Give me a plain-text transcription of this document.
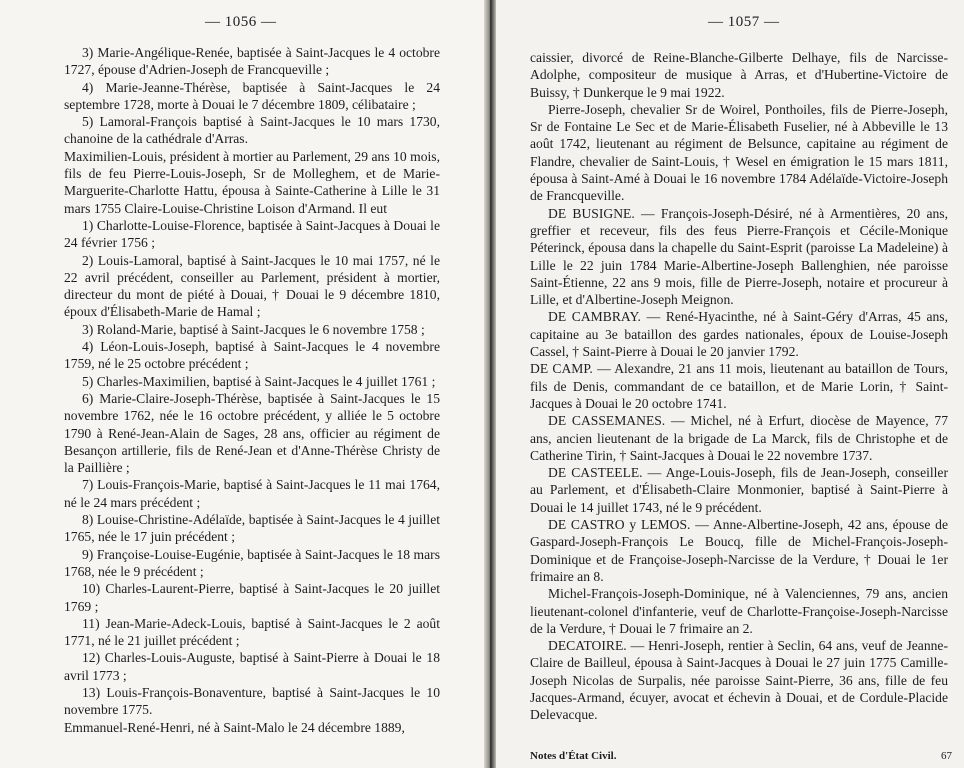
— 1056 —

3) Marie-Angélique-Renée, baptisée à Saint-Jacques le 4 octobre 1727, épouse d'Adrien-Joseph de Francqueville ;

4) Marie-Jeanne-Thérèse, baptisée à Saint-Jacques le 24 septembre 1728, morte à Douai le 7 décembre 1809, célibataire ;

5) Lamoral-François baptisé à Saint-Jacques le 10 mars 1730, chanoine de la cathédrale d'Arras.

Maximilien-Louis, président à mortier au Parlement, 29 ans 10 mois, fils de feu Pierre-Louis-Joseph, Sr de Molleghem, et de Marie-Marguerite-Charlotte Hattu, épousa à Sainte-Catherine à Lille le 31 mars 1755 Claire-Louise-Christine Loison d'Armand. Il eut

1) Charlotte-Louise-Florence, baptisée à Saint-Jacques à Douai le 24 février 1756 ;

2) Louis-Lamoral, baptisé à Saint-Jacques le 10 mai 1757, né le 22 avril précédent, conseiller au Parlement, président à mortier, directeur du mont de piété à Douai, † Douai le 9 décembre 1810, époux d'Élisabeth-Marie de Hamal ;

3) Roland-Marie, baptisé à Saint-Jacques le 6 novembre 1758 ;

4) Léon-Louis-Joseph, baptisé à Saint-Jacques le 4 novembre 1759, né le 25 octobre précédent ;

5) Charles-Maximilien, baptisé à Saint-Jacques le 4 juillet 1761 ;

6) Marie-Claire-Joseph-Thérèse, baptisée à Saint-Jacques le 15 novembre 1762, née le 16 octobre précédent, y alliée le 5 octobre 1790 à René-Jean-Alain de Sages, 28 ans, officier au régiment de Besançon artillerie, fils de René-Jean et d'Anne-Thérèse Christy de la Paillière ;

7) Louis-François-Marie, baptisé à Saint-Jacques le 11 mai 1764, né le 24 mars précédent ;

8) Louise-Christine-Adélaïde, baptisée à Saint-Jacques le 4 juillet 1765, née le 17 juin précédent ;

9) Françoise-Louise-Eugénie, baptisée à Saint-Jacques le 18 mars 1768, née le 9 précédent ;

10) Charles-Laurent-Pierre, baptisé à Saint-Jacques le 20 juillet 1769 ;

11) Jean-Marie-Adeck-Louis, baptisé à Saint-Jacques le 2 août 1771, né le 21 juillet précédent ;

12) Charles-Louis-Auguste, baptisé à Saint-Pierre à Douai le 18 avril 1773 ;

13) Louis-François-Bonaventure, baptisé à Saint-Jacques le 10 novembre 1775.

Emmanuel-René-Henri, né à Saint-Malo le 24 décembre 1889,

— 1057 —

caissier, divorcé de Reine-Blanche-Gilberte Delhaye, fils de Narcisse-Adolphe, compositeur de musique à Arras, et d'Hubertine-Victoire de Buissy, † Dunkerque le 9 mai 1922.

Pierre-Joseph, chevalier Sr de Woirel, Ponthoiles, fils de Pierre-Joseph, Sr de Fontaine Le Sec et de Marie-Élisabeth Fuselier, né à Abbeville le 13 août 1742, lieutenant au régiment de Belsunce, capitaine au régiment de Flandre, chevalier de Saint-Louis, † Wesel en émigration le 15 mars 1811, épousa à Saint-Amé à Douai le 16 novembre 1784 Adélaïde-Victoire-Joseph de Francqueville.

DE BUSIGNE. — François-Joseph-Désiré, né à Armentières, 20 ans, greffier et receveur, fils des feus Pierre-François et Cécile-Monique Péterinck, épousa dans la chapelle du Saint-Esprit (paroisse La Madeleine) à Lille le 22 juin 1784 Marie-Albertine-Joseph Ballenghien, née paroisse Saint-Étienne, 22 ans 9 mois, fille de Pierre-Joseph, notaire et procureur à Lille, et d'Albertine-Joseph Meignon.

DE CAMBRAY. — René-Hyacinthe, né à Saint-Géry d'Arras, 45 ans, capitaine au 3e bataillon des gardes nationales, époux de Louise-Joseph Cassel, † Saint-Pierre à Douai le 20 janvier 1792.

DE CAMP. — Alexandre, 21 ans 11 mois, lieutenant au bataillon de Tours, fils de Denis, commandant de ce bataillon, et de Marie Lorin, † Saint-Jacques à Douai le 20 octobre 1741.

DE CASSEMANES. — Michel, né à Erfurt, diocèse de Mayence, 77 ans, ancien lieutenant de la brigade de La Marck, fils de Christophe et de Catherine Tirin, † Saint-Jacques à Douai le 22 novembre 1737.

DE CASTEELE. — Ange-Louis-Joseph, fils de Jean-Joseph, conseiller au Parlement, et d'Élisabeth-Claire Monmonier, baptisé à Saint-Pierre à Douai le 14 juillet 1743, né le 9 précédent.

DE CASTRO y LEMOS. — Anne-Albertine-Joseph, 42 ans, épouse de Gaspard-Joseph-François Le Boucq, fille de Michel-François-Joseph-Dominique et de Françoise-Joseph-Narcisse de la Verdure, † Douai le 1er frimaire an 8.

Michel-François-Joseph-Dominique, né à Valenciennes, 79 ans, ancien lieutenant-colonel d'infanterie, veuf de Charlotte-Françoise-Joseph-Narcisse de la Verdure, † Douai le 7 frimaire an 2.

DECATOIRE. — Henri-Joseph, rentier à Seclin, 64 ans, veuf de Jeanne-Claire de Bailleul, épousa à Saint-Jacques à Douai le 27 juin 1775 Camille-Joseph Nicolas de Surpalis, née paroisse Saint-Pierre, 36 ans, fille de feu Jacques-Armand, écuyer, avocat et échevin à Douai, et de Cordule-Placide Delevacque.

Notes d'État Civil.	67
